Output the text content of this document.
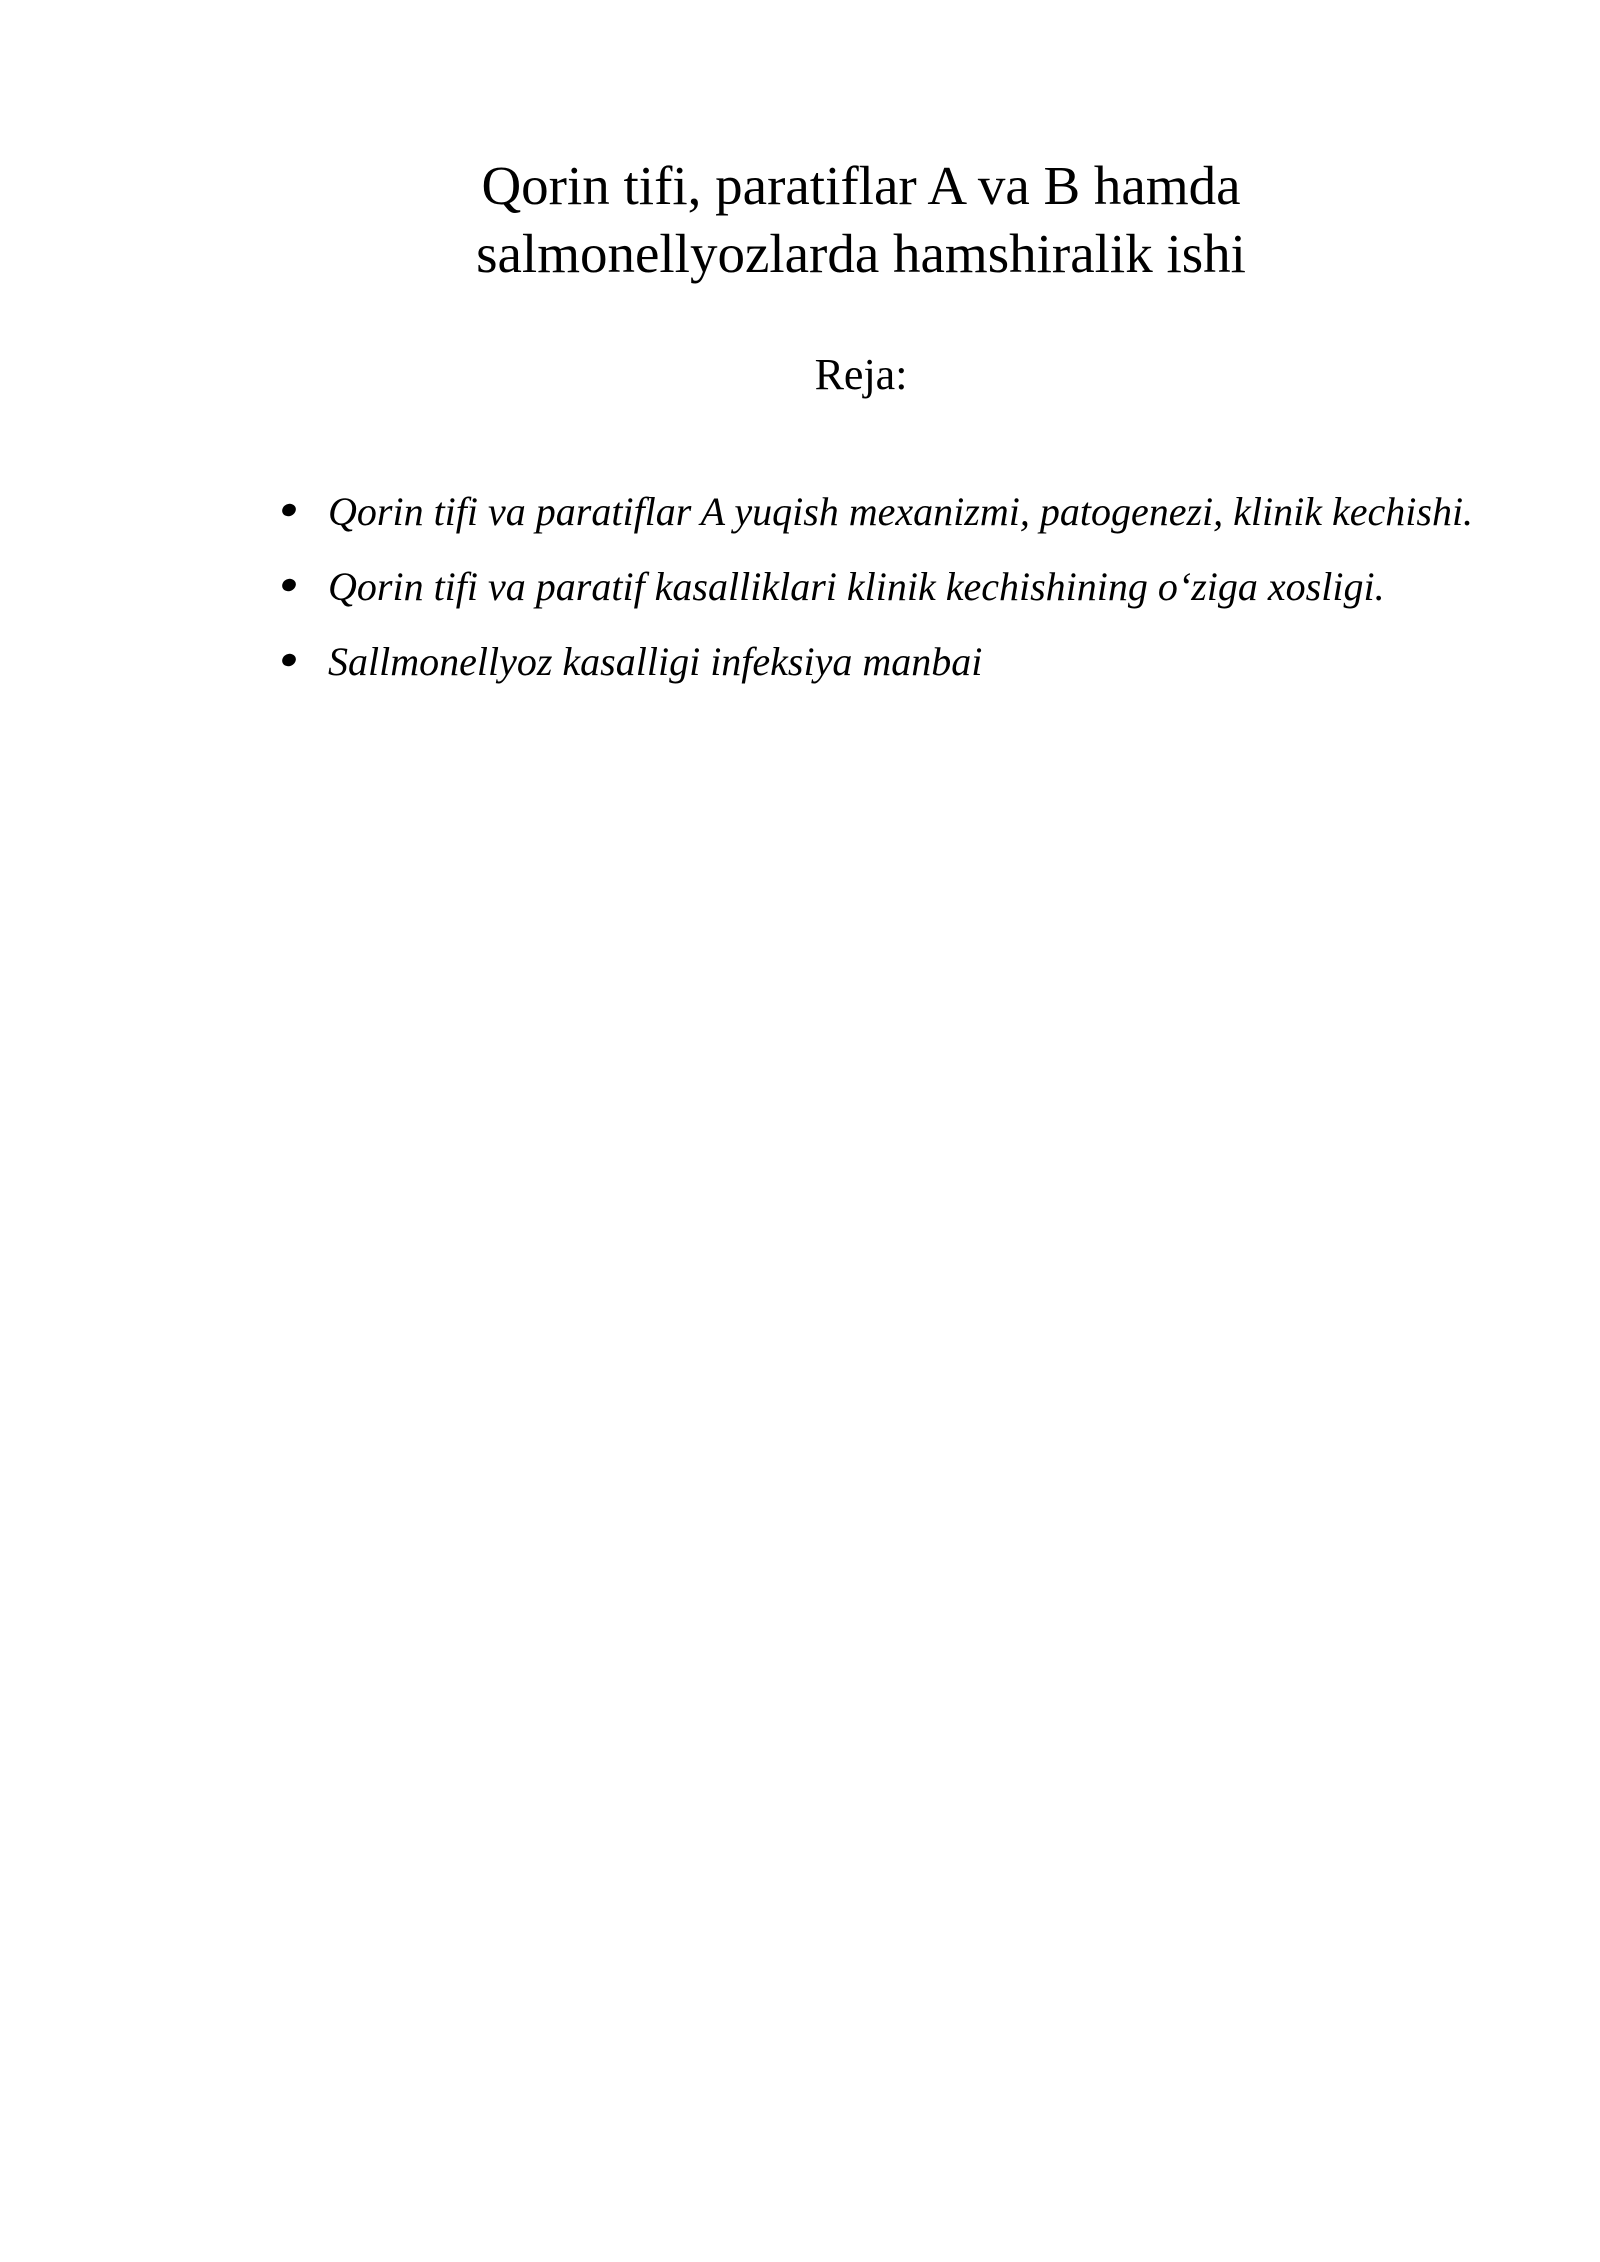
Qorin tifi, paratiflar A va B hamda
salmonellyozlarda hamshiralik ishi
Reja:
Qorin tifi va paratiflar A yuqish mexanizmi, patogenezi, klinik kechishi.
Qorin tifi va paratif kasalliklari klinik kechishining o‘ziga xosligi.
Sallmonellyoz kasalligi infeksiya manbai
